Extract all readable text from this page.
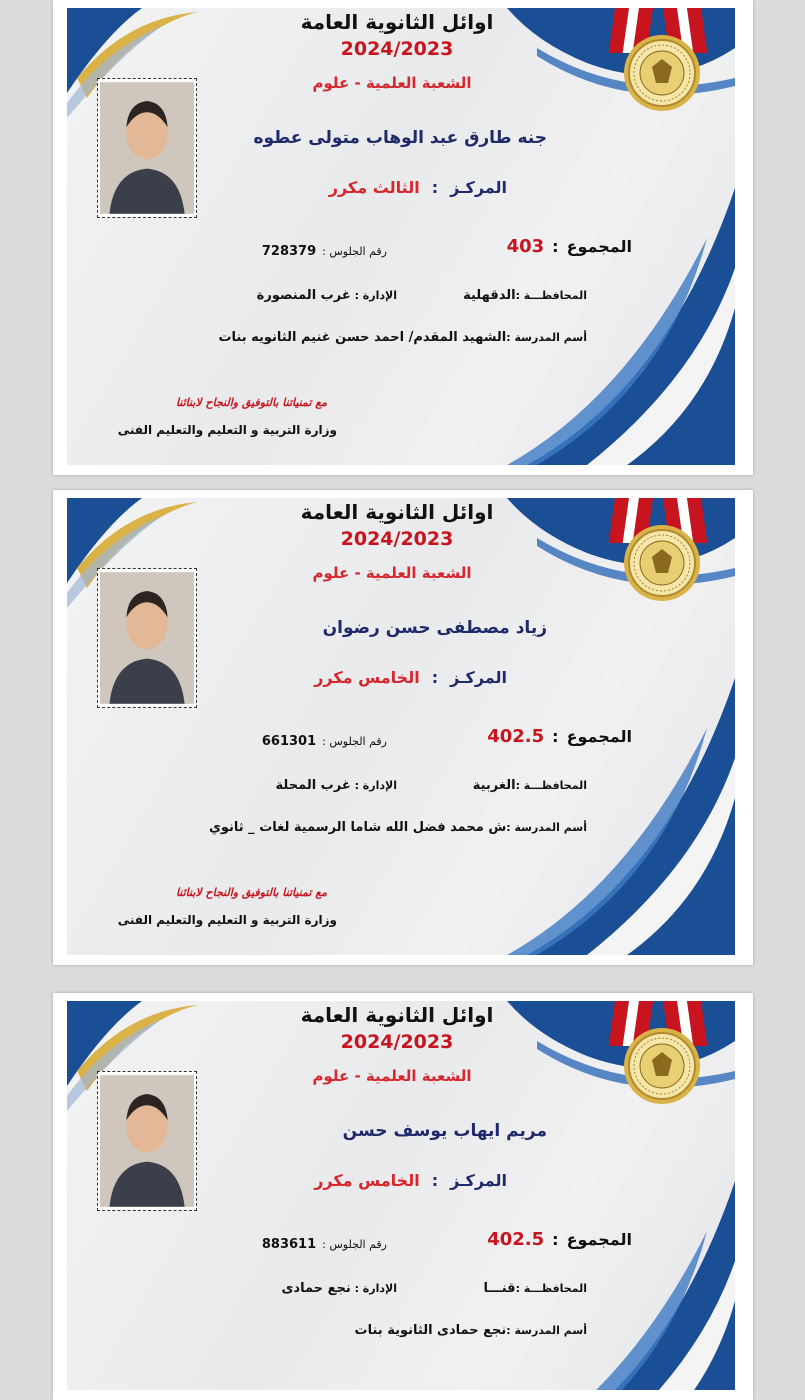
اوائل الثانوية العامة
2024/2023
الشعبة العلمية - علوم
جنه طارق عبد الوهاب متولى عطوه
المركـز:الثالث مكرر
المجموع:403
رقم الجلوس :728379
المحافظـــة :الدقهلية
الإدارة : غرب المنصورة
أسم المدرسة :الشهيد المقدم/ احمد حسن غنيم الثانويه بنات
مع تمنياتنا بالتوفيق والنجاح لابنائنا
وزارة التربية و التعليم والتعليم الفنى
اوائل الثانوية العامة
2024/2023
الشعبة العلمية - علوم
زياد مصطفى حسن رضوان
المركـز:الخامس مكرر
المجموع:402.5
رقم الجلوس :661301
المحافظـــة :الغربية
الإدارة : غرب المحلة
أسم المدرسة :ش محمد فضل الله شاما الرسمية لغات _ ثانوي
مع تمنياتنا بالتوفيق والنجاح لابنائنا
وزارة التربية و التعليم والتعليم الفنى
اوائل الثانوية العامة
2024/2023
الشعبة العلمية - علوم
مريم ايهاب يوسف حسن
المركـز:الخامس مكرر
المجموع:402.5
رقم الجلوس :883611
المحافظـــة :قنـــا
الإدارة : نجع حمادى
أسم المدرسة :نجع حمادى الثانوية بنات
